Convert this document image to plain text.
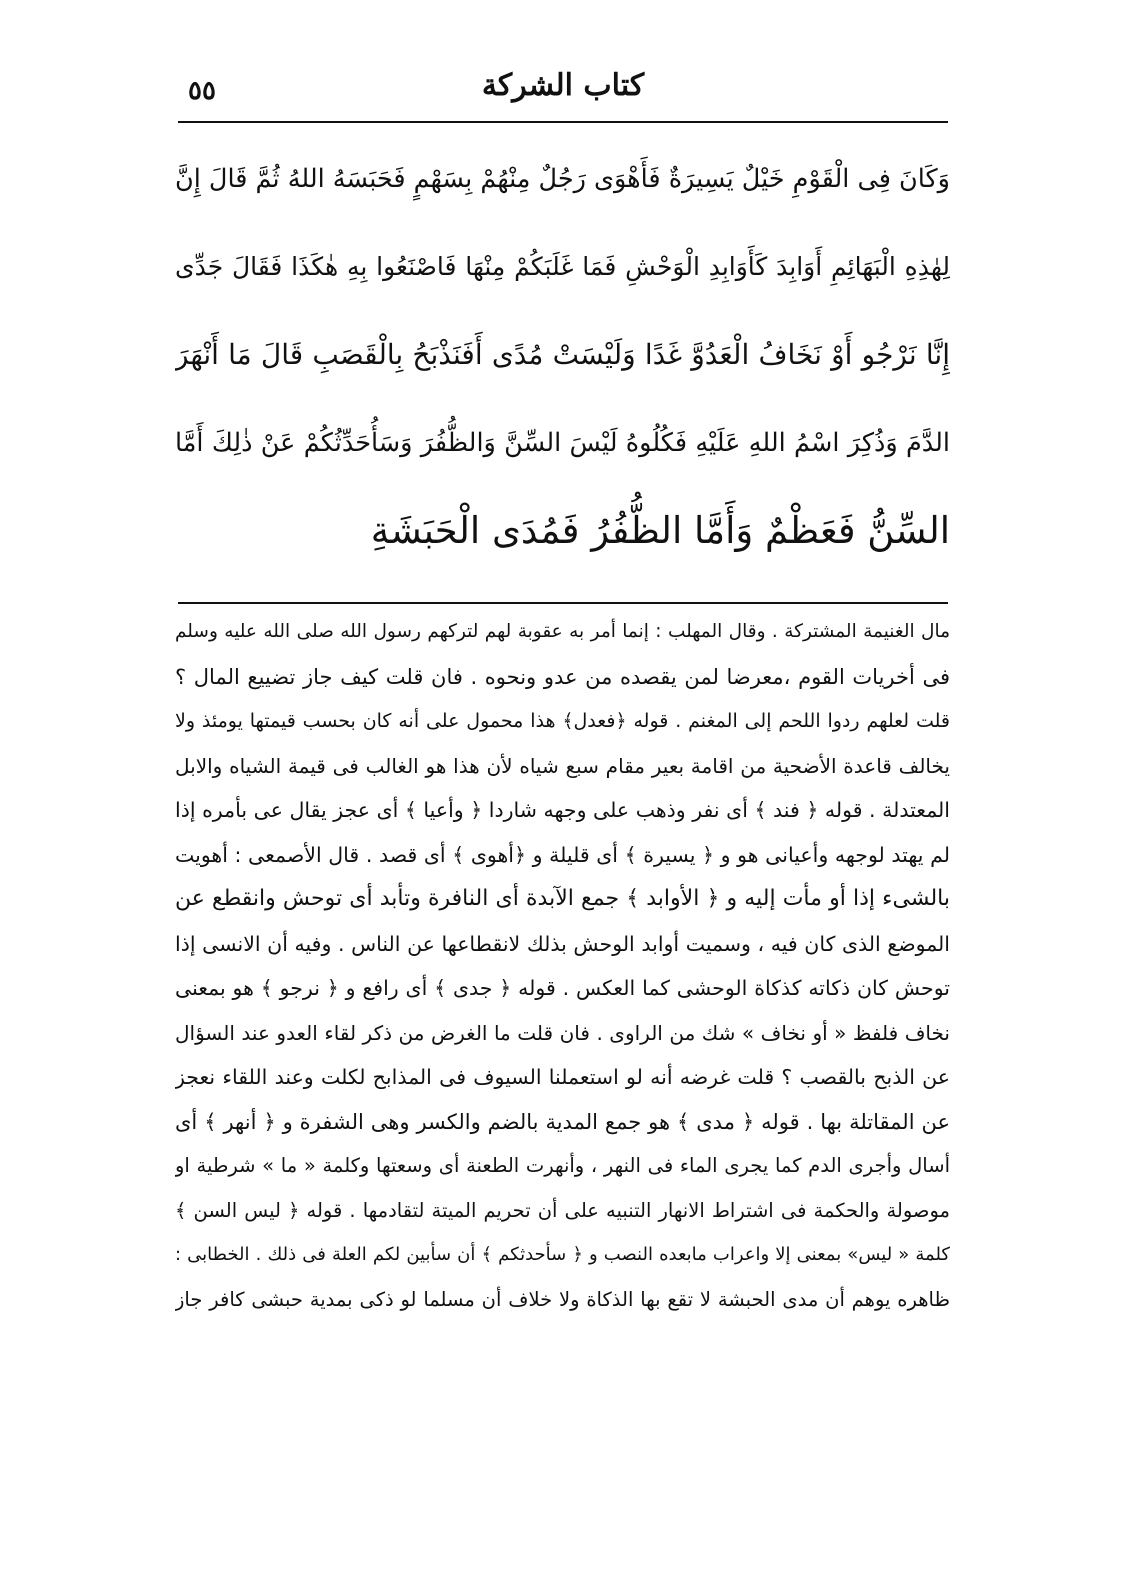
كتاب الشركة
٥٥
وَكَانَ فِى الْقَوْمِ خَيْلٌ يَسِيرَةٌ فَأَهْوَى رَجُلٌ مِنْهُمْ بِسَهْمٍ فَحَبَسَهُ اللهُ ثُمَّ قَالَ إِنَّ
لِهٰذِهِ الْبَهَائِمِ أَوَابِدَ كَأَوَابِدِ الْوَحْشِ فَمَا غَلَبَكُمْ مِنْهَا فَاصْنَعُوا بِهِ هٰكَذَا فَقَالَ جَدِّى
إِنَّا نَرْجُو أَوْ نَخَافُ الْعَدُوَّ غَدًا وَلَيْسَتْ مُدًى أَفَنَذْبَحُ بِالْقَصَبِ قَالَ مَا أَنْهَرَ
الدَّمَ وَذُكِرَ اسْمُ اللهِ عَلَيْهِ فَكُلُوهُ لَيْسَ السِّنَّ وَالظُّفُرَ وَسَأُحَدِّثُكُمْ عَنْ ذٰلِكَ أَمَّا
السِّنُّ فَعَظْمٌ وَأَمَّا الظُّفُرُ فَمُدَى الْحَبَشَةِ
مال الغنيمة المشتركة . وقال المهلب : إنما أمر به عقوبة لهم لتركهم رسول الله صلى الله عليه وسلم
فى أخريات القوم ،معرضا لمن يقصده من عدو ونحوه . فان قلت كيف جاز تضييع المال ؟
قلت لعلهم ردوا اللحم إلى المغنم . قوله ﴿فعدل﴾ هذا محمول على أنه كان بحسب قيمتها يومئذ ولا
يخالف قاعدة الأضحية من اقامة بعير مقام سبع شياه لأن هذا هو الغالب فى قيمة الشياه والابل
المعتدلة . قوله ﴿ فند ﴾ أى نفر وذهب على وجهه شاردا ﴿ وأعيا ﴾ أى عجز يقال عى بأمره إذا
لم يهتد لوجهه وأعيانى هو و ﴿ يسيرة ﴾ أى قليلة و ﴿أهوى ﴾ أى قصد . قال الأصمعى : أهويت
بالشىء إذا أو مأت إليه و ﴿ الأوابد ﴾ جمع الآبدة أى النافرة وتأبد أى توحش وانقطع عن
الموضع الذى كان فيه ، وسميت أوابد الوحش بذلك لانقطاعها عن الناس . وفيه أن الانسى إذا
توحش كان ذكاته كذكاة الوحشى كما العكس . قوله ﴿ جدى ﴾ أى رافع و ﴿ نرجو ﴾ هو بمعنى
نخاف فلفظ « أو نخاف » شك من الراوى . فان قلت ما الغرض من ذكر لقاء العدو عند السؤال
عن الذبح بالقصب ؟ قلت غرضه أنه لو استعملنا السيوف فى المذابح لكلت وعند اللقاء نعجز
عن المقاتلة بها . قوله ﴿ مدى ﴾ هو جمع المدية بالضم والكسر وهى الشفرة و ﴿ أنهر ﴾ أى
أسال وأجرى الدم كما يجرى الماء فى النهر ، وأنهرت الطعنة أى وسعتها وكلمة « ما » شرطية او
موصولة والحكمة فى اشتراط الانهار التنبيه على أن تحريم الميتة لتقادمها . قوله ﴿ ليس السن ﴾
كلمة « ليس» بمعنى إلا واعراب مابعده النصب و ﴿ سأحدثكم ﴾ أن سأبين لكم العلة فى ذلك . الخطابى :
ظاهره يوهم أن مدى الحبشة لا تقع بها الذكاة ولا خلاف أن مسلما لو ذكى بمدية حبشى كافر جاز
